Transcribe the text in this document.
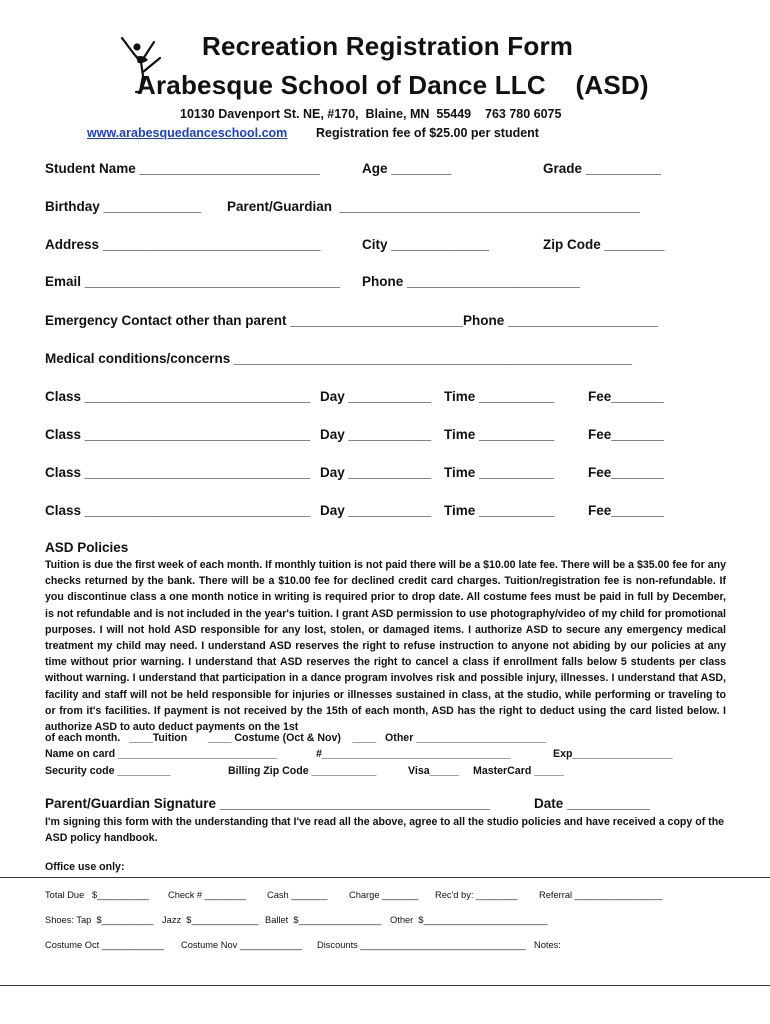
Recreation Registration Form
Arabesque School of Dance LLC    (ASD)
10130 Davenport St. NE, #170,  Blaine, MN  55449    763 780 6075
www.arabesquedanceschool.com Registration fee of $25.00 per student
Student Name ________________________	Age ________	Grade __________
Birthday _____________ Parent/Guardian  ________________________________________
Address _____________________________	City _____________	Zip Code ________
Email __________________________________ Phone _______________________
Emergency Contact other than parent _______________________Phone ____________________
Medical conditions/concerns _____________________________________________________
Class ______________________________ Day ___________ Time __________	Fee_______
Class ______________________________ Day ___________ Time __________	Fee_______
Class ______________________________ Day ___________ Time __________	Fee_______
Class ______________________________ Day ___________ Time __________	Fee_______
ASD Policies
Tuition is due the first week of each month. If monthly tuition is not paid there will be a $10.00 late fee. There will be a $35.00 fee for any checks returned by the bank. There will be a $10.00 fee for declined credit card charges. Tuition/registration fee is non-refundable. If you discontinue class a one month notice in writing is required prior to drop date. All costume fees must be paid in full by December, is not refundable and is not included in the year's tuition. I grant ASD permission to use photography/video of my child for promotional purposes. I will not hold ASD responsible for any lost, stolen, or damaged items. I authorize ASD to secure any emergency medical treatment my child may need. I understand ASD reserves the right to refuse instruction to anyone not abiding by our policies at any time without prior warning. I understand that ASD reserves the right to cancel a class if enrollment falls below 5 students per class without warning. I understand that participation in a dance program involves risk and possible injury, illnesses. I understand that ASD, facility and staff will not be held responsible for injuries or illnesses sustained in class, at the studio, while performing or traveling to or from it's facilities. If payment is not received by the 15th of each month, ASD has the right to deduct using the card listed below. I authorize ASD to auto deduct payments on the 1st
of each month.   ____Tuition       ____ Costume (Oct & Nov)    ____   Other ______________________
Name on card ___________________________	#________________________________	Exp_________________
Security code _________	Billing Zip Code ___________	Visa_____ MasterCard _____
Parent/Guardian Signature ____________________________________	Date ___________
I'm signing this form with the understanding that I've read all the above, agree to all the studio policies and have received a copy of the ASD policy handbook.
Office use only:
Total Due   $__________ Check # ________ Cash _______ Charge _______ Rec'd by: ________ Referral _________________
Shoes: Tap  $__________ Jazz  $_____________ Ballet  $________________ Other  $________________________
Costume Oct ____________ Costume Nov ____________ Discounts ________________________________ Notes:
